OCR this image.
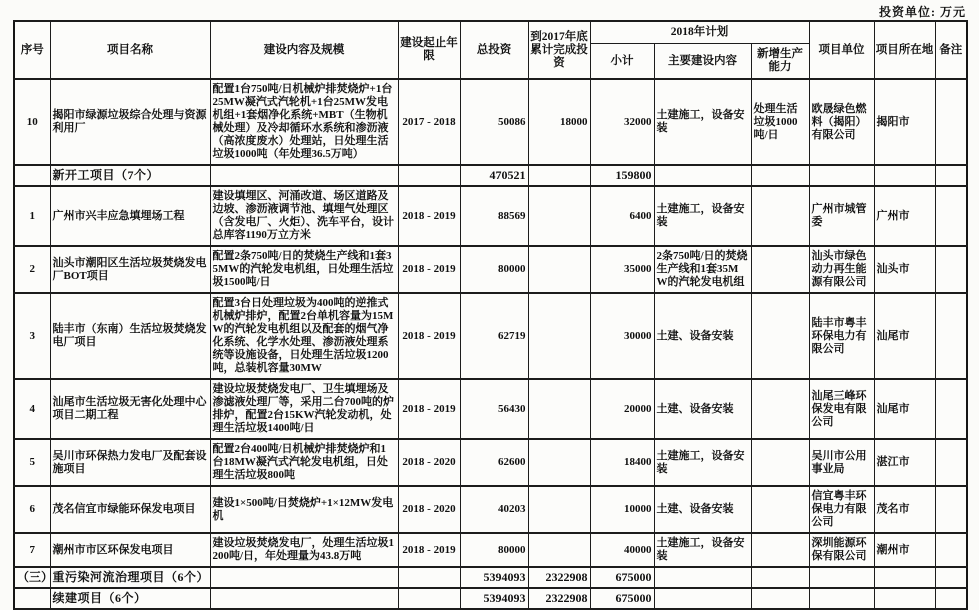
投资单位: 万元
序号	项目名称	建设内容及规模	建设起止年限	总投资	到2017年底累计完成投资	2018年计划			项目单位	项目所在地	备注
						小计	主要建设内容	新增生产能力			
10	揭阳市绿源垃圾综合处理与资源利用厂	配置1台750吨/日机械炉排焚烧炉+1台25MW凝汽式汽轮机+1台25MW发电机组+1套烟净化系统+MBT（生物机械处理）及冷却循环水系统和渗沥液（高浓度废水）处理站，日处理生活垃圾1000吨（年处理36.5万吨）	2017 - 2018	50086	18000	32000	土建施工，设备安装	处理生活垃圾1000吨/日	欧晟绿色燃料（揭阳）有限公司	揭阳市	
	新开工项目（7个）			470521		159800					
1	广州市兴丰应急填埋场工程	建设填埋区、河涌改道、场区道路及边坡、渗沥液调节池、填埋气处理区（含发电厂、火炬）、洗车平台，设计总库容1190万立方米	2018 - 2019	88569		6400	土建施工，设备安装		广州市城管委	广州市	
2	汕头市潮阳区生活垃圾焚烧发电厂BOT项目	配置2条750吨/日的焚烧生产线和1套35MW的汽轮发电机组，日处理生活垃圾1500吨/日	2018 - 2019	80000		35000	2条750吨/日的焚烧生产线和1套35MW的汽轮发电机组		汕头市绿色动力再生能源有限公司	汕头市	
3	陆丰市（东南）生活垃圾焚烧发电厂项目	配置3台日处理垃圾为400吨的逆推式机械炉排炉，配置2台单机容量为15MW的汽轮发电机组以及配套的烟气净化系统、化学水处理、渗沥液处理系统等设施设备，日处理生活垃圾1200吨，总装机容量30MW	2018 - 2019	62719		30000	土建、设备安装		陆丰市粤丰环保电力有限公司	汕尾市	
4	汕尾市生活垃圾无害化处理中心项目二期工程	建设垃圾焚烧发电厂、卫生填埋场及渗滤液处理厂等，采用二台700吨的炉排炉，配置2台15KW汽轮发动机，处理生活垃圾1400吨/日	2018 - 2019	56430		20000	土建、设备安装		汕尾三峰环保发电有限公司	汕尾市	
5	吴川市环保热力发电厂及配套设施项目	配置2台400吨/日机械炉排焚烧炉和1台18MW凝汽式汽轮发电机组，日处理生活垃圾800吨	2018 - 2020	62600		18400	土建施工，设备安装		吴川市公用事业局	湛江市	
6	茂名信宜市绿能环保发电项目	建设1×500吨/日焚烧炉+1×12MW发电机	2018 - 2020	40203		10000	土建、设备安装		信宜粤丰环保电力有限公司	茂名市	
7	潮州市市区环保发电项目	建设垃圾焚烧发电厂，处理生活垃圾1200吨/日，年处理量为43.8万吨	2018 - 2019	80000		40000	土建施工，设备安装		深圳能源环保有限公司	潮州市	
（三）	重污染河流治理项目（6个）			5394093	2322908	675000					
	续建项目（6个）			5394093	2322908	675000					
